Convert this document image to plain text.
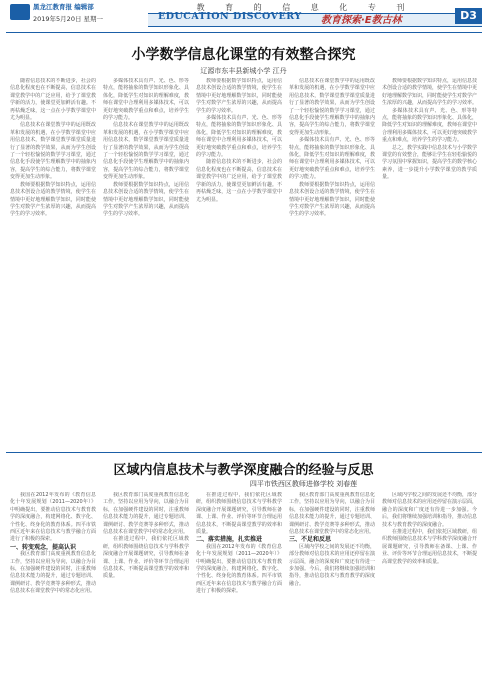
黑龙江教育报 编辑部
2019年5月20日 星期一
教 育 的 信 息 化 专 刊
EDUCATION DISCOVERY 教育探索·E教古林	D3
小学数学信息化课堂的有效整合探究
辽源市东丰县新城小学 江丹

随着信息技术的不断进步，社会的信息化程度也在不断提高，信息技术在课堂教学中的广泛应用，给予了课堂教学新的活力，使课堂更加鲜活有趣。不再枯燥乏味，这一点在小学数学课堂中尤为明显。

信息技术在课堂教学中的运用既改革和发展的机遇，在小学数学课堂中应用信息技术，数学课堂教学课堂质量进行了显著的教学效果，从而为学生创设了一个轻松愉悦的数学学习课堂，通过信息化手段使学生理解数学中的抽象内容，提高学生的综合能力，将数学课堂变得更加生动形象。

教师要根据数学知识特点，运用信息技术创设合适的教学情境，使学生在情境中更好地理解数学知识，同时能使学生对数学产生浓厚的兴趣，从而提高学生的学习效率。

多媒体技术具有声、光、色、形等特点，能将抽象的数学知识形象化、具体化，降低学生对知识的理解难度，教师在课堂中合理利用多媒体技术，可以更好地突破教学重点和难点，培养学生的学习能力。

信息技术在课堂教学中的运用既改革和发展的机遇，在小学数学课堂中应用信息技术，数学课堂教学课堂质量进行了显著的教学效果，从而为学生创设了一个轻松愉悦的数学学习课堂，通过信息化手段使学生理解数学中的抽象内容，提高学生的综合能力，将数学课堂变得更加生动形象。

教师要根据数学知识特点，运用信息技术创设合适的教学情境，使学生在情境中更好地理解数学知识，同时能使学生对数学产生浓厚的兴趣，从而提高学生的学习效率。

教师要根据数学知识特点，运用信息技术创设合适的教学情境，使学生在情境中更好地理解数学知识，同时能使学生对数学产生浓厚的兴趣，从而提高学生的学习效率。

多媒体技术具有声、光、色、形等特点，能将抽象的数学知识形象化、具体化，降低学生对知识的理解难度，教师在课堂中合理利用多媒体技术，可以更好地突破教学重点和难点，培养学生的学习能力。

随着信息技术的不断进步，社会的信息化程度也在不断提高，信息技术在课堂教学中的广泛应用，给予了课堂教学新的活力，使课堂更加鲜活有趣。不再枯燥乏味，这一点在小学数学课堂中尤为明显。

信息技术在课堂教学中的运用既改革和发展的机遇，在小学数学课堂中应用信息技术，数学课堂教学课堂质量进行了显著的教学效果，从而为学生创设了一个轻松愉悦的数学学习课堂，通过信息化手段使学生理解数学中的抽象内容，提高学生的综合能力，将数学课堂变得更加生动形象。

多媒体技术具有声、光、色、形等特点，能将抽象的数学知识形象化、具体化，降低学生对知识的理解难度，教师在课堂中合理利用多媒体技术，可以更好地突破教学重点和难点，培养学生的学习能力。

教师要根据数学知识特点，运用信息技术创设合适的教学情境，使学生在情境中更好地理解数学知识，同时能使学生对数学产生浓厚的兴趣，从而提高学生的学习效率。

教师要根据数学知识特点，运用信息技术创设合适的教学情境，使学生在情境中更好地理解数学知识，同时能使学生对数学产生浓厚的兴趣，从而提高学生的学习效率。

多媒体技术具有声、光、色、形等特点，能将抽象的数学知识形象化、具体化，降低学生对知识的理解难度，教师在课堂中合理利用多媒体技术，可以更好地突破教学重点和难点，培养学生的学习能力。

总之，教学实践中信息技术与小学数学课堂的有效整合，能够让学生在轻松愉悦的学习氛围中掌握知识，提高学生的数学核心素养，进一步提升小学数学课堂的教学质量。

区域内信息技术与教学深度融合的经验与反思
四平市铁西区教师进修学校 刘春莲

我国在2012年发布的《教育信息化十年发展规划（2011—2020年）》中明确提出，要推动信息技术与教育教学的深度融合，构建网络化、数字化、个性化、终身化的教育体系。四平市铁西区近年来在信息技术与教学融合方面进行了积极的探索。

一、转变观念，提高认识

我区教育部门高度重视教育信息化工作，坚持以应用为导向，以融合为目标，在加强硬件建设的同时，注重教师信息技术能力的提升，通过专题培训、课例研讨、教学竞赛等多种形式，推动信息技术在课堂教学中的常态化应用。

我区教育部门高度重视教育信息化工作，坚持以应用为导向，以融合为目标，在加强硬件建设的同时，注重教师信息技术能力的提升，通过专题培训、课例研讨、教学竞赛等多种形式，推动信息技术在课堂教学中的常态化应用。

在推进过程中，我们依托区域教研，组织教师围绕信息技术与学科教学深度融合开展课题研究，引导教师在备课、上课、作业、评价等环节合理运用信息技术，不断提高课堂教学的效率和质量。

在推进过程中，我们依托区域教研，组织教师围绕信息技术与学科教学深度融合开展课题研究，引导教师在备课、上课、作业、评价等环节合理运用信息技术，不断提高课堂教学的效率和质量。

二、落实措施，扎实推进

我国在2012年发布的《教育信息化十年发展规划（2011—2020年）》中明确提出，要推动信息技术与教育教学的深度融合，构建网络化、数字化、个性化、终身化的教育体系。四平市铁西区近年来在信息技术与教学融合方面进行了积极的探索。

我区教育部门高度重视教育信息化工作，坚持以应用为导向，以融合为目标，在加强硬件建设的同时，注重教师信息技术能力的提升，通过专题培训、课例研讨、教学竞赛等多种形式，推动信息技术在课堂教学中的常态化应用。

三、不足和反思

区域内学校之间的发展还不均衡，部分教师对信息技术的应用还停留在演示层面，融合的深度和广度还有待进一步加强。今后，我们将继续加强培训和指导，推动信息技术与教育教学的深度融合。

区域内学校之间的发展还不均衡，部分教师对信息技术的应用还停留在演示层面，融合的深度和广度还有待进一步加强。今后，我们将继续加强培训和指导，推动信息技术与教育教学的深度融合。

在推进过程中，我们依托区域教研，组织教师围绕信息技术与学科教学深度融合开展课题研究，引导教师在备课、上课、作业、评价等环节合理运用信息技术，不断提高课堂教学的效率和质量。
